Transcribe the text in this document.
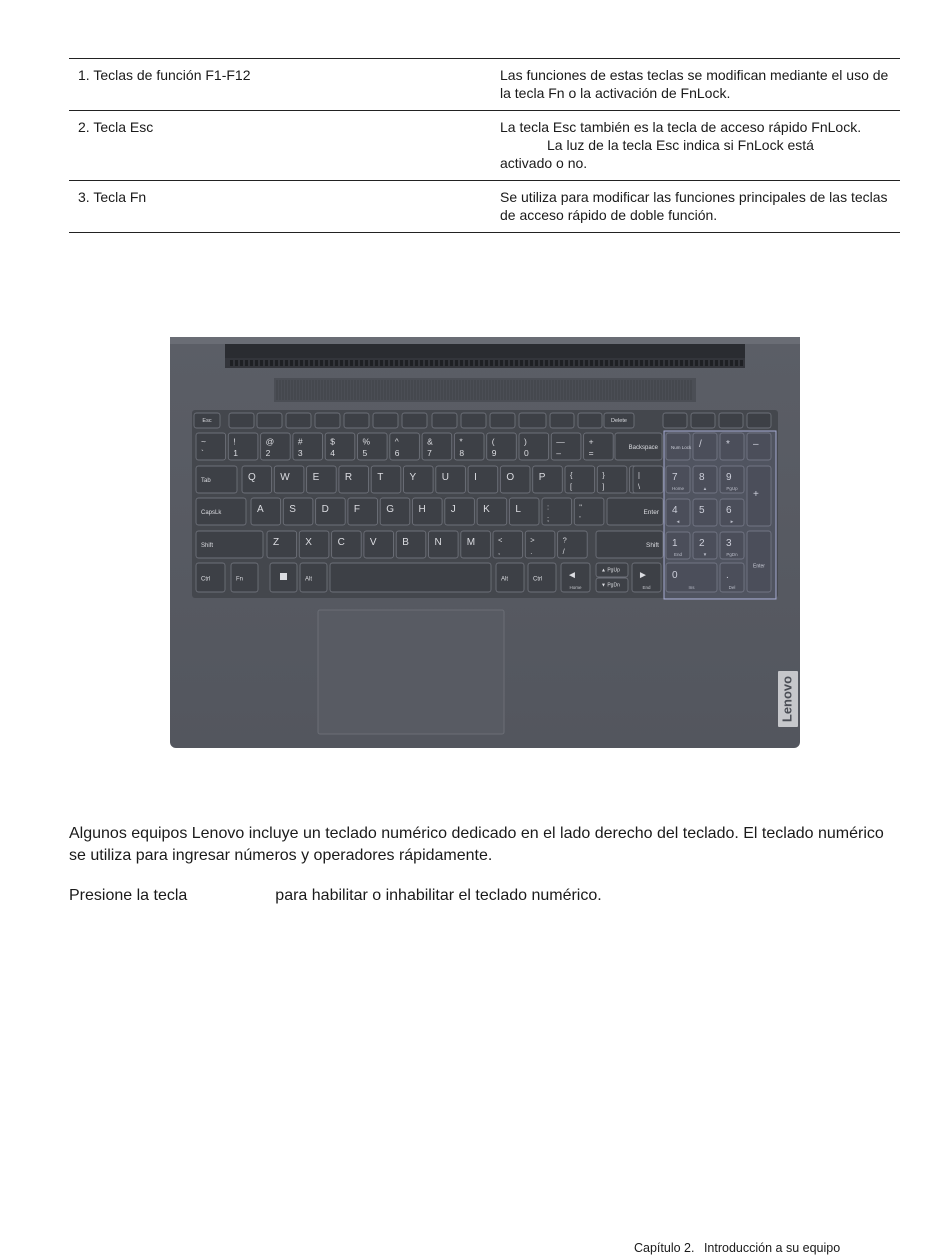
1. Teclas de función F1-F12	Las funciones de estas teclas se modifican mediante el uso de la tecla Fn o la activación de FnLock.
2. Tecla Esc	La tecla Esc también es la tecla de acceso rápido FnLock.
La luz de la tecla Esc indica si FnLock está
activado o no.

3. Tecla Fn	Se utiliza para modificar las funciones principales de las teclas de acceso rápido de doble función.
Esc	Delete
~
`
!
1
@
2
#
3
$
4
%
5
^
6
&
7
*
8
(
9
)
0
—
–
+
=
Backspace
Tab	Q W E	R	T	Y	U	I	O P	{
[
}
]
|
\
CapsLk	A	S	D	F	G H	J	K	L	:
;
"
'
Enter
Shift	Z	X	C	V	B	N	M	<
,
>
.
?
/
Shift
Ctrl	Fn	Alt	Alt	Ctrl ◄
Home
▲ PgUp
▼ PgDn
►
End
Num Lock / * –
7
Home
8
▲
9
PgUp
4
◄
5 6
►
1
End
2
▼
3
PgDn
+
Enter
0
Ins
.
Del
Lenovo

Algunos equipos Lenovo incluye un teclado numérico dedicado en el lado derecho del teclado. El teclado numérico se utiliza para ingresar números y operadores rápidamente.

Presione la tecla	para habilitar o inhabilitar el teclado numérico.

Capítulo 2. Introducción a su equipo
